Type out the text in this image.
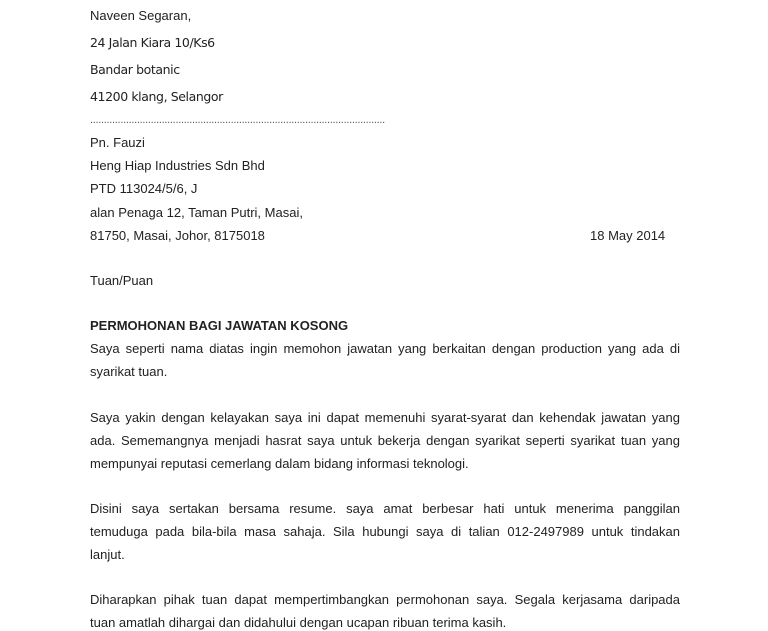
Naveen Segaran,
24 Jalan Kiara 10/Ks6
Bandar botanic
41200 klang, Selangor
...........................................................................................................
Pn. Fauzi
Heng Hiap Industries Sdn Bhd
PTD 113024/5/6, J
alan Penaga 12, Taman Putri, Masai,
81750, Masai, Johor, 8175018	18 May 2014
Tuan/Puan
PERMOHONAN BAGI JAWATAN KOSONG
Saya seperti nama diatas ingin memohon jawatan yang berkaitan dengan production yang ada di
syarikat tuan.
Saya yakin dengan kelayakan saya ini dapat memenuhi syarat-syarat dan kehendak jawatan yang
ada. Sememangnya menjadi hasrat saya untuk bekerja dengan syarikat seperti syarikat tuan yang
mempunyai reputasi cemerlang dalam bidang informasi teknologi.
Disini saya sertakan bersama resume. saya amat berbesar hati untuk menerima panggilan
temuduga pada bila-bila masa sahaja. Sila hubungi saya di talian 012-2497989 untuk tindakan
lanjut.
Diharapkan pihak tuan dapat mempertimbangkan permohonan saya. Segala kerjasama daripada
tuan amatlah dihargai dan didahului dengan ucapan ribuan terima kasih.
